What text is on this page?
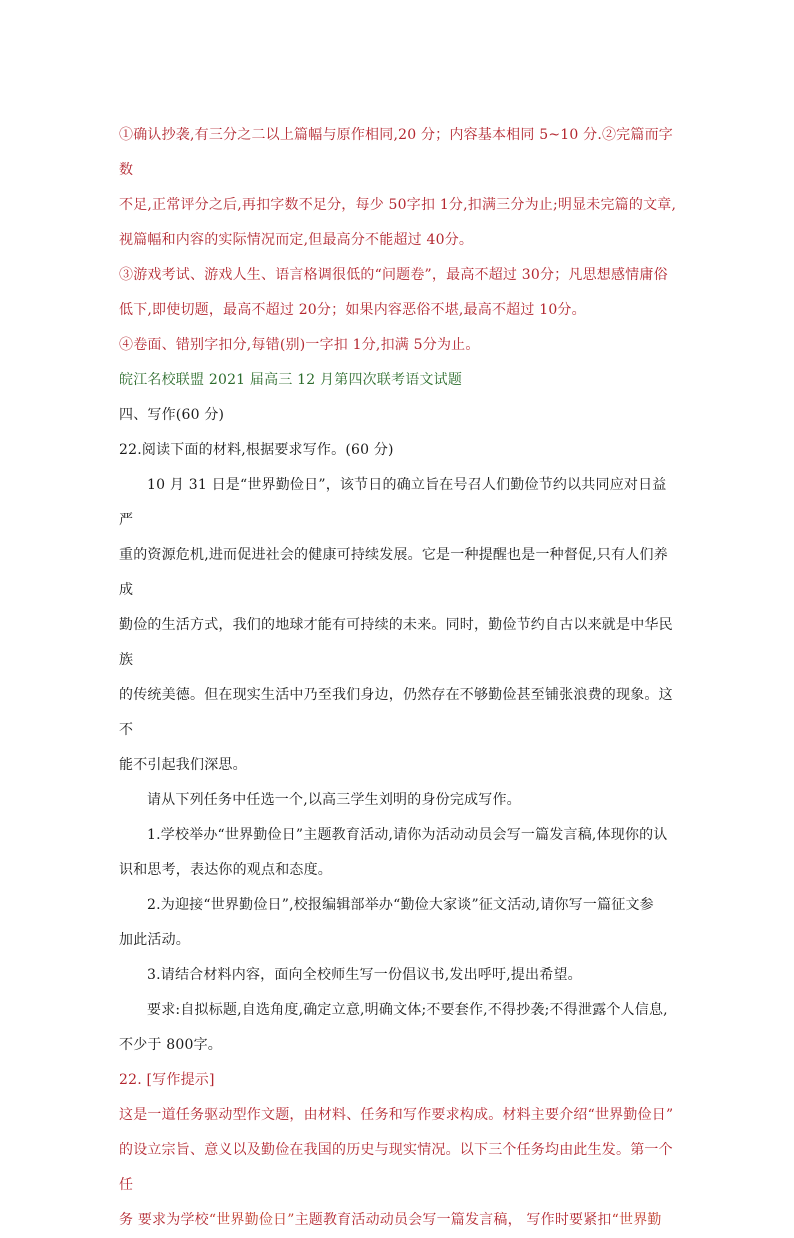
①确认抄袭,有三分之二以上篇幅与原作相同,20 分；内容基本相同 5~10 分.②完篇而字数
不足,正常评分之后,再扣字数不足分，每少 50字扣 1分,扣满三分为止;明显未完篇的文章,
视篇幅和内容的实际情况而定,但最高分不能超过 40分。
③游戏考试、游戏人生、语言格调很低的“问题卷”，最高不超过 30分；凡思想感情庸俗
低下,即使切题，最高不超过 20分；如果内容恶俗不堪,最高不超过 10分。
④卷面、错别字扣分,每错(别)一字扣 1分,扣满 5分为止。
皖江名校联盟 2021 届高三 12 月第四次联考语文试题
四、写作(60 分)
22.阅读下面的材料,根据要求写作。(60 分)
10 月 31 日是“世界勤俭日”，该节日的确立旨在号召人们勤俭节约以共同应对日益严
重的资源危机,进而促进社会的健康可持续发展。它是一种提醒也是一种督促,只有人们养成
勤俭的生活方式，我们的地球才能有可持续的未来。同时，勤俭节约自古以来就是中华民族
的传统美德。但在现实生活中乃至我们身边，仍然存在不够勤俭甚至铺张浪费的现象。这不
能不引起我们深思。
请从下列任务中任选一个,以高三学生刘明的身份完成写作。
1.学校举办“世界勤俭日”主题教育活动,请你为活动动员会写一篇发言稿,体现你的认
识和思考，表达你的观点和态度。
2.为迎接“世界勤俭日”,校报编辑部举办“勤俭大家谈”征文活动,请你写一篇征文参
加此活动。
3.请结合材料内容，面向全校师生写一份倡议书,发出呼吁,提出希望。
要求:自拟标题,自选角度,确定立意,明确文体;不要套作,不得抄袭;不得泄露个人信息,
不少于 800字。
22. [写作提示]
这是一道任务驱动型作文题，由材料、任务和写作要求构成。材料主要介绍“世界勤俭日”
的设立宗旨、意义以及勤俭在我国的历史与现实情况。以下三个任务均由此生发。第一个任
务 要求为学校“世界勤俭日”主题教育活动动员会写一篇发言稿， 写作时要紧扣“世界勤
